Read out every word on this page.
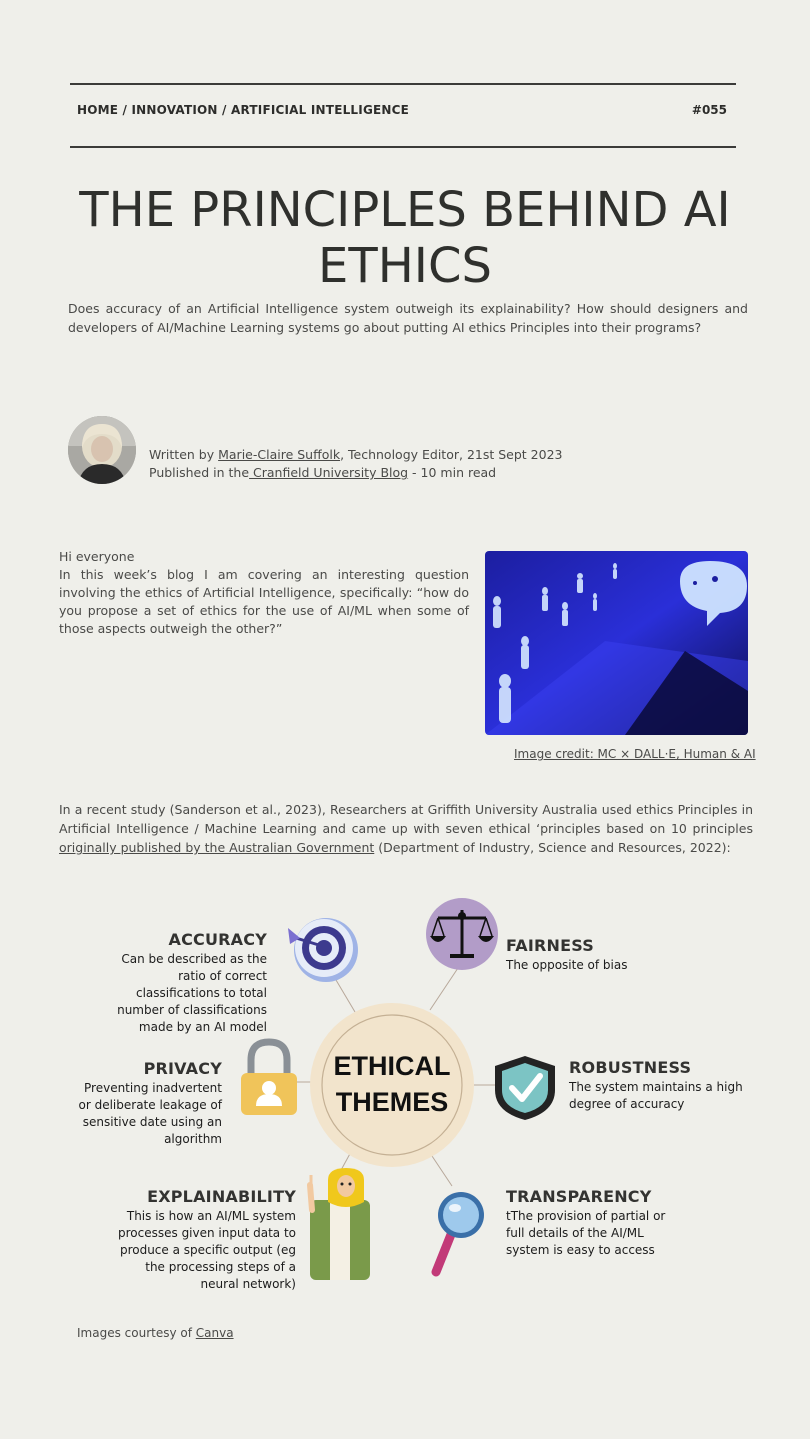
HOME / INNOVATION / ARTIFICIAL INTELLIGENCE	#055
THE PRINCIPLES BEHIND AI
ETHICS
Does accuracy of an Artificial Intelligence system outweigh its explainability? How should designers and developers of AI/Machine Learning systems go about putting AI ethics Principles into their programs?
Written by Marie-Claire Suffolk, Technology Editor, 21st Sept 2023
Published in the Cranfield University Blog - 10 min read
Hi everyone
In this week’s blog I am covering an interesting question involving the ethics of Artificial Intelligence, specifically: “how do you propose a set of ethics for the use of AI/ML when some of those aspects outweigh the other?”
Image credit: MC × DALL·E, Human & AI
In a recent study (Sanderson et al., 2023), Researchers at Griffith University Australia used ethics Principles in Artificial Intelligence / Machine Learning and came up with seven ethical ‘principles based on 10 principles originally published by the Australian Government (Department of Industry, Science and Resources, 2022):
ETHICAL
THEMES
ACCURACY
Can be described as the ratio of correct classifications to total number of classifications made by an AI model
FAIRNESS
The opposite of bias
PRIVACY
Preventing inadvertent or deliberate leakage of sensitive date using an algorithm
ROBUSTNESS
The system maintains a high degree of accuracy
EXPLAINABILITY
This is how an AI/ML system processes given input data to produce a specific output (eg the processing steps of a neural network)
TRANSPARENCY
tThe provision of partial or full details of the AI/ML system is easy to access
Images courtesy of Canva
